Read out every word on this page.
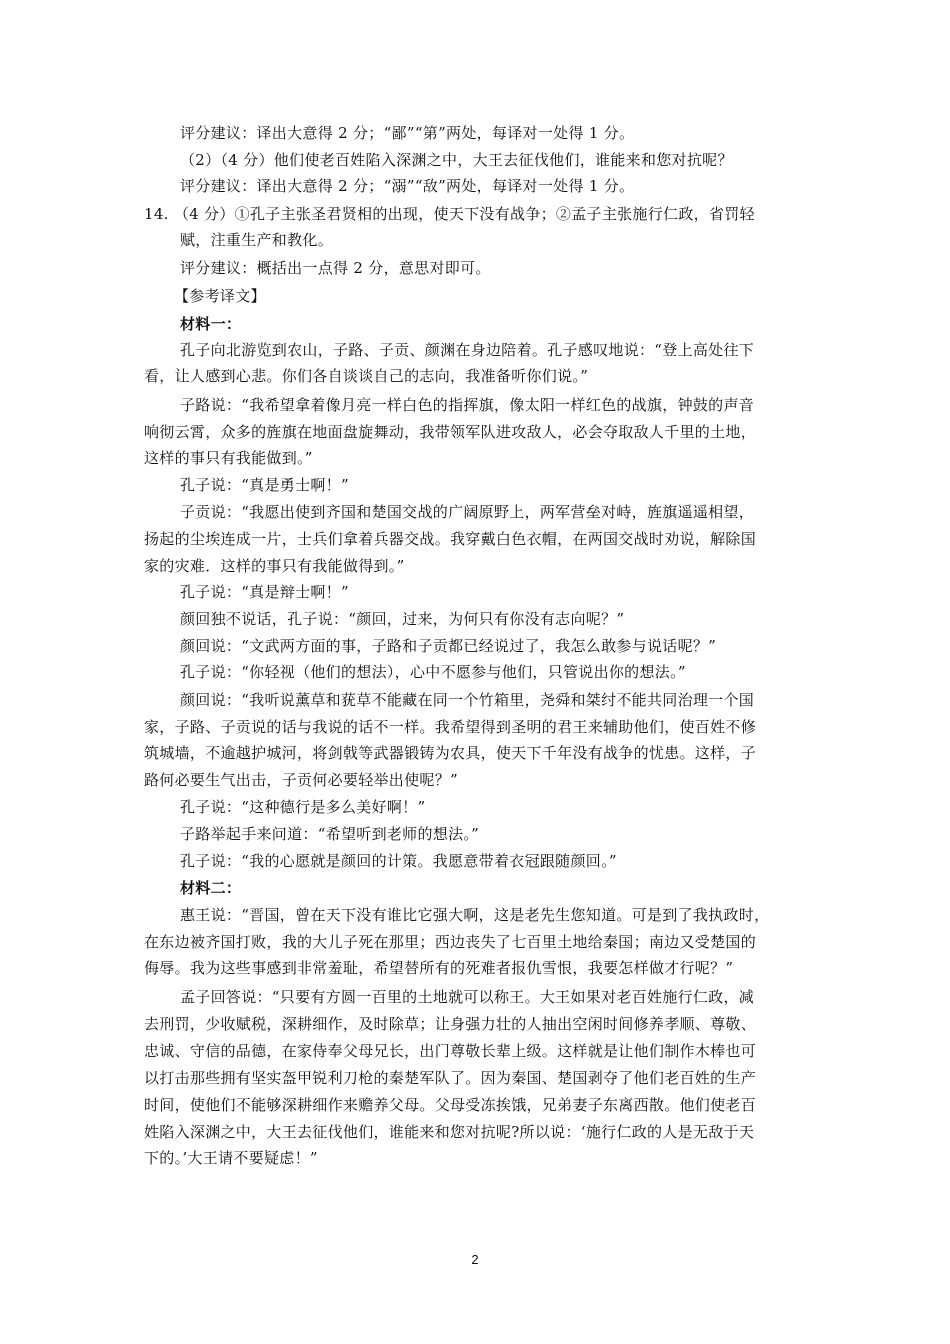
评分建议：译出大意得 2 分；“鄙”“第”两处，每译对一处得 1 分。
（2）（4 分）他们使老百姓陷入深渊之中，大王去征伐他们，谁能来和您对抗呢？
评分建议：译出大意得 2 分；“溺”“敌”两处，每译对一处得 1 分。
14. （4 分）①孔子主张圣君贤相的出现，使天下没有战争；②孟子主张施行仁政，省罚轻
赋，注重生产和教化。
评分建议：概括出一点得 2 分，意思对即可。
【参考译文】
材料一：
孔子向北游览到农山，子路、子贡、颜渊在身边陪着。孔子感叹地说：“登上高处往下
看，让人感到心悲。你们各自谈谈自己的志向，我准备听你们说。”
子路说：“我希望拿着像月亮一样白色的指挥旗，像太阳一样红色的战旗，钟鼓的声音
响彻云霄，众多的旌旗在地面盘旋舞动，我带领军队进攻敌人，必会夺取敌人千里的土地，
这样的事只有我能做到。”
孔子说：“真是勇士啊！”
子贡说：“我愿出使到齐国和楚国交战的广阔原野上，两军营垒对峙，旌旗遥遥相望，
扬起的尘埃连成一片，士兵们拿着兵器交战。我穿戴白色衣帽，在两国交战时劝说，解除国
家的灾难．这样的事只有我能做得到。”
孔子说：“真是辩士啊！”
颜回独不说话，孔子说：“颜回，过来，为何只有你没有志向呢？”
颜回说：“文武两方面的事，子路和子贡都已经说过了，我怎么敢参与说话呢？”
孔子说：“你轻视（他们的想法），心中不愿参与他们，只管说出你的想法。”
颜回说：“我听说薰草和莸草不能藏在同一个竹箱里，尧舜和桀纣不能共同治理一个国
家，子路、子贡说的话与我说的话不一样。我希望得到圣明的君王来辅助他们，使百姓不修
筑城墙，不逾越护城河，将剑戟等武器锻铸为农具，使天下千年没有战争的忧患。这样，子
路何必要生气出击，子贡何必要轻举出使呢？”
孔子说：“这种德行是多么美好啊！”
子路举起手来问道：“希望听到老师的想法。”
孔子说：“我的心愿就是颜回的计策。我愿意带着衣冠跟随颜回。”
材料二：
惠王说：“晋国，曾在天下没有谁比它强大啊，这是老先生您知道。可是到了我执政时，
在东边被齐国打败，我的大儿子死在那里；西边丧失了七百里土地给秦国；南边又受楚国的
侮辱。我为这些事感到非常羞耻，希望替所有的死难者报仇雪恨，我要怎样做才行呢？”
孟子回答说：“只要有方圆一百里的土地就可以称王。大王如果对老百姓施行仁政，减
去刑罚，少收赋税，深耕细作，及时除草；让身强力壮的人抽出空闲时间修养孝顺、尊敬、
忠诚、守信的品德，在家侍奉父母兄长，出门尊敬长辈上级。这样就是让他们制作木棒也可
以打击那些拥有坚实盔甲锐利刀枪的秦楚军队了。因为秦国、楚国剥夺了他们老百姓的生产
时间，使他们不能够深耕细作来赡养父母。父母受冻挨饿，兄弟妻子东离西散。他们使老百
姓陷入深渊之中，大王去征伐他们，谁能来和您对抗呢?所以说：‘施行仁政的人是无敌于天
下的。’大王请不要疑虑！”
2
